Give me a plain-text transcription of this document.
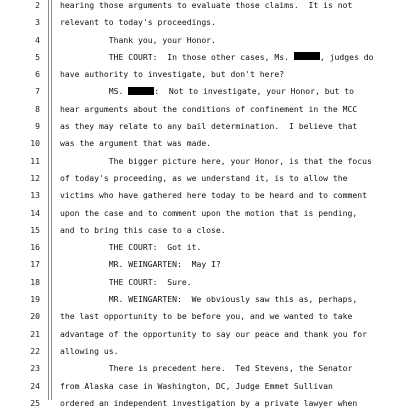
2 hearing those arguments to evaluate those claims.  It is not
3 relevant to today's proceedings.
4 Thank you, your Honor.
5 THE COURT:  In those other cases, Ms.	, judges do
6 have authority to investigate, but don't here?
7 MS.	:  Not to investigate, your Honor, but to
8 hear arguments about the conditions of confinement in the MCC
9 as they may relate to any bail determination.  I believe that
10 was the argument that was made.
11 The bigger picture here, your Honor, is that the focus
12 of today's proceeding, as we understand it, is to allow the
13 victims who have gathered here today to be heard and to comment
14 upon the case and to comment upon the motion that is pending,
15 and to bring this case to a close.
16 THE COURT:  Got it.
17 MR. WEINGARTEN:  May I?
18 THE COURT:  Sure.
19 MR. WEINGARTEN:  We obviously saw this as, perhaps,
20 the last opportunity to be before you, and we wanted to take
21 advantage of the opportunity to say our peace and thank you for
22 allowing us.
23 There is precedent here.  Ted Stevens, the Senator
24 from Alaska case in Washington, DC, Judge Emmet Sullivan
25 ordered an independent investigation by a private lawyer when
